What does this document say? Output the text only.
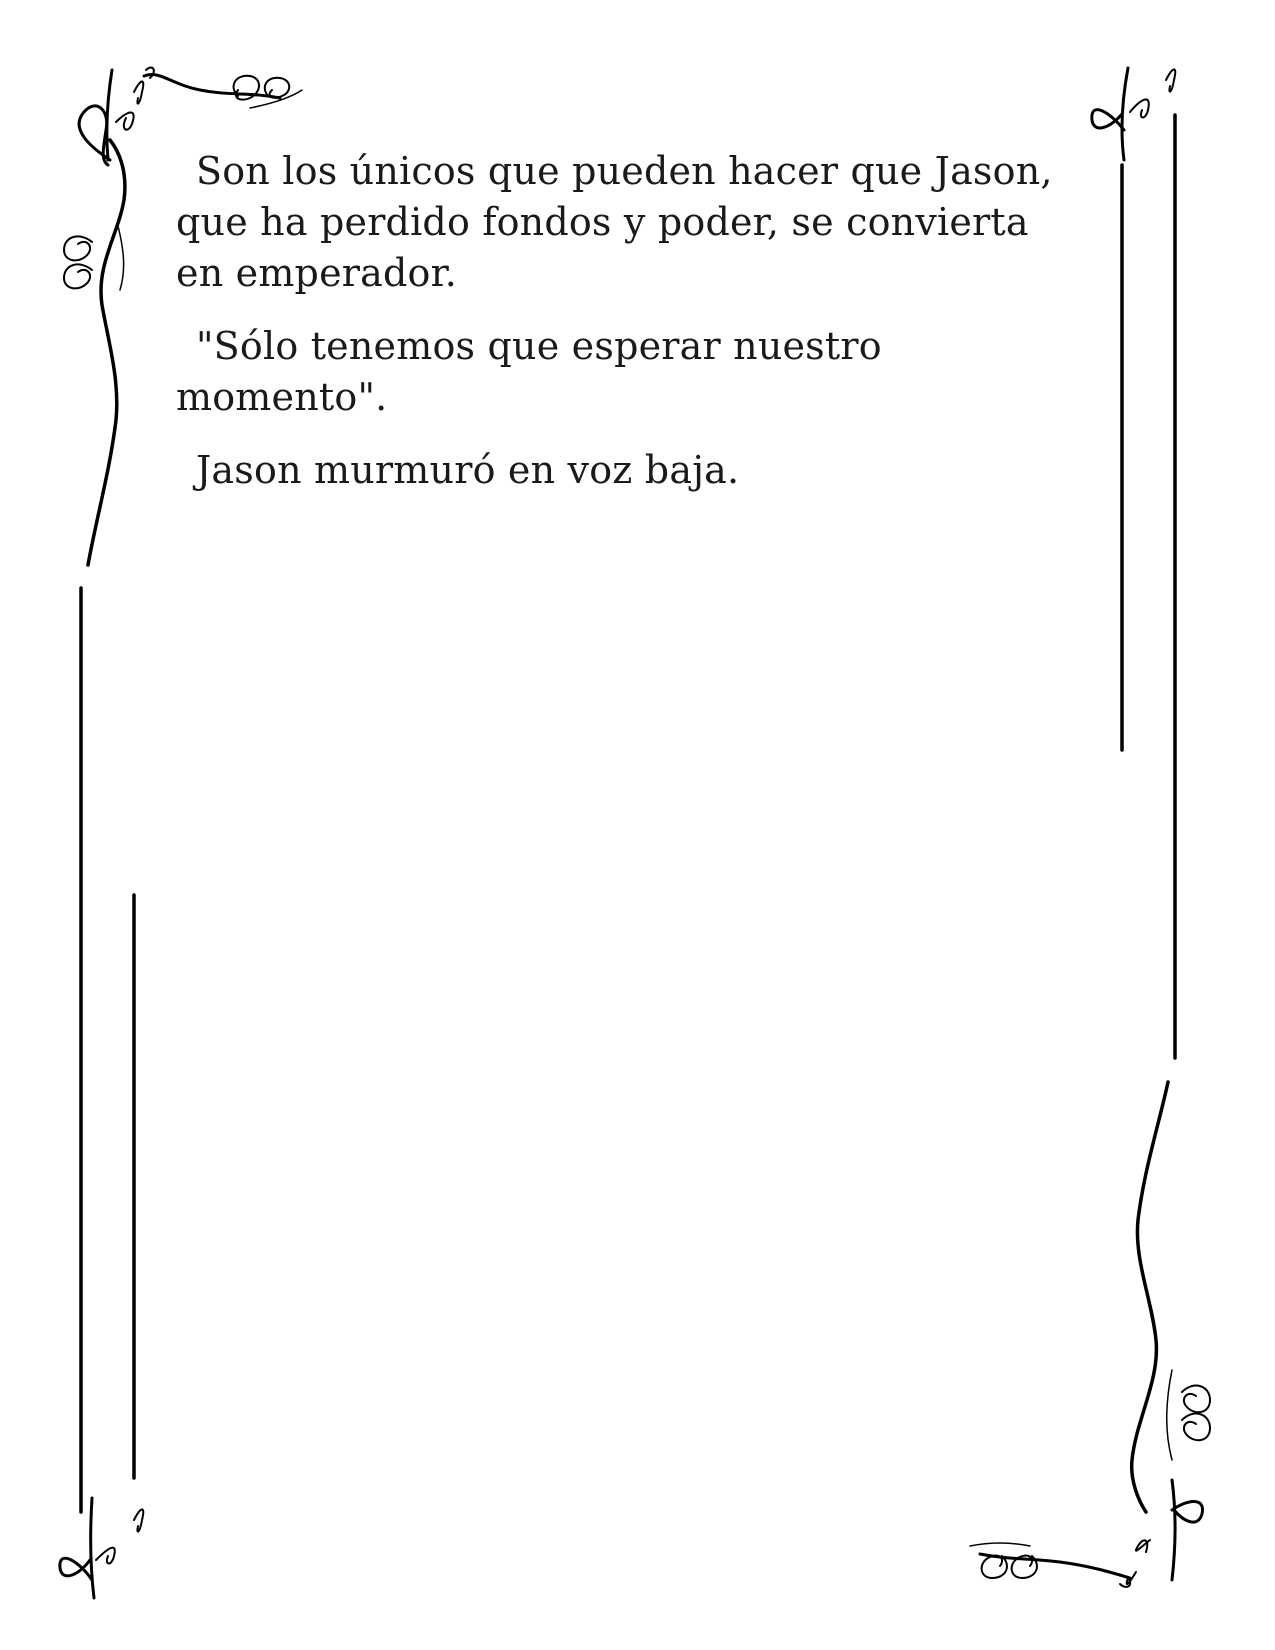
Son los únicos que pueden hacer que Jason, que ha perdido fondos y poder, se convierta en emperador.

"Sólo tenemos que esperar nuestro momento".

Jason murmuró en voz baja.
